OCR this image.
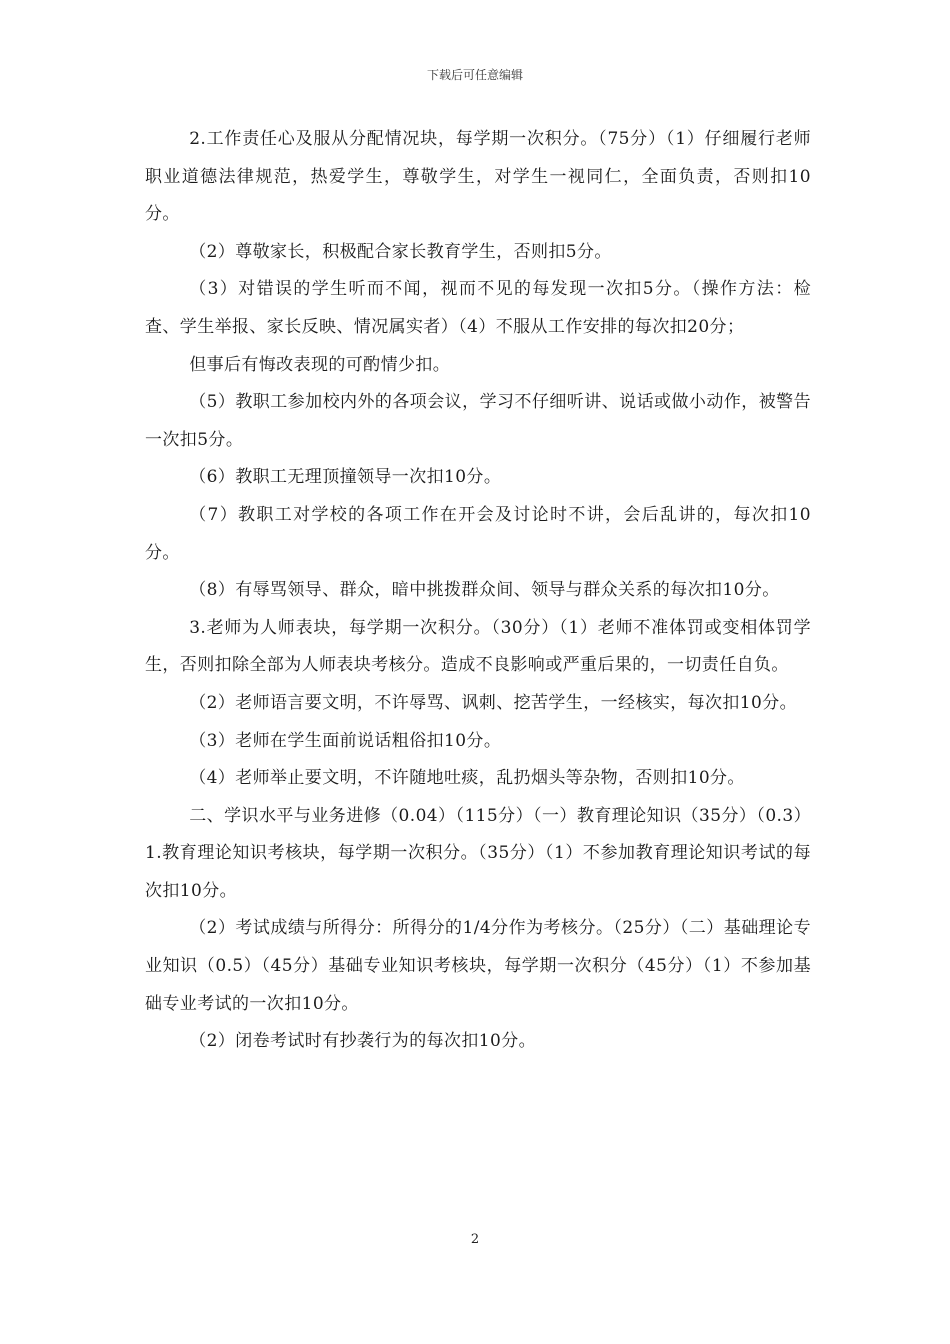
下载后可任意编辑

2.工作责任心及服从分配情况块，每学期一次积分。（75分）（1）仔细履行老师职业道德法律规范，热爱学生，尊敬学生，对学生一视同仁，全面负责，否则扣10分。

（2）尊敬家长，积极配合家长教育学生，否则扣5分。

（3）对错误的学生听而不闻，视而不见的每发现一次扣5分。（操作方法：检查、学生举报、家长反映、情况属实者）（4）不服从工作安排的每次扣20分；

但事后有悔改表现的可酌情少扣。

（5）教职工参加校内外的各项会议，学习不仔细听讲、说话或做小动作，被警告一次扣5分。

（6）教职工无理顶撞领导一次扣10分。

（7）教职工对学校的各项工作在开会及讨论时不讲，会后乱讲的，每次扣10分。

（8）有辱骂领导、群众，暗中挑拨群众间、领导与群众关系的每次扣10分。

3.老师为人师表块，每学期一次积分。（30分）（1）老师不准体罚或变相体罚学生，否则扣除全部为人师表块考核分。造成不良影响或严重后果的，一切责任自负。

（2）老师语言要文明，不许辱骂、讽刺、挖苦学生，一经核实，每次扣10分。

（3）老师在学生面前说话粗俗扣10分。

（4）老师举止要文明，不许随地吐痰，乱扔烟头等杂物，否则扣10分。

二、学识水平与业务进修（0.04）（115分）（一）教育理论知识（35分）（0.3）1.教育理论知识考核块，每学期一次积分。（35分）（1）不参加教育理论知识考试的每次扣10分。

（2）考试成绩与所得分：所得分的1/4分作为考核分。（25分）（二）基础理论专业知识（0.5）（45分）基础专业知识考核块，每学期一次积分（45分）（1）不参加基础专业考试的一次扣10分。

（2）闭卷考试时有抄袭行为的每次扣10分。

2
